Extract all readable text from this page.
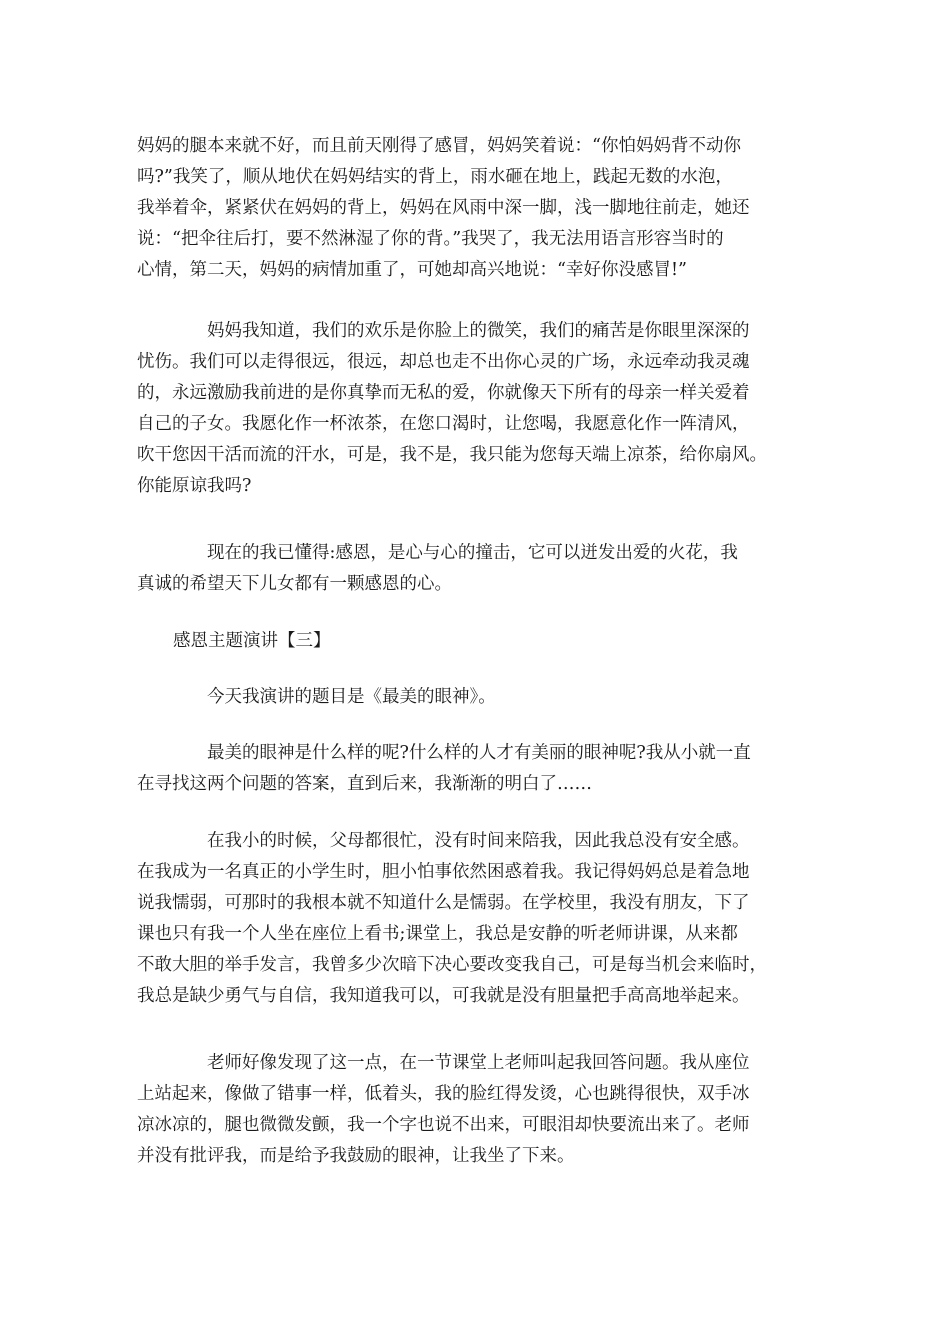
妈妈的腿本来就不好，而且前天刚得了感冒，妈妈笑着说：“你怕妈妈背不动你
吗?”我笑了，顺从地伏在妈妈结实的背上，雨水砸在地上，践起无数的水泡，
我举着伞，紧紧伏在妈妈的背上，妈妈在风雨中深一脚，浅一脚地往前走，她还
说：“把伞往后打，要不然淋湿了你的背。”我哭了，我无法用语言形容当时的
心情，第二天，妈妈的病情加重了，可她却高兴地说：“幸好你没感冒!”
妈妈我知道，我们的欢乐是你脸上的微笑，我们的痛苦是你眼里深深的
忧伤。我们可以走得很远，很远，却总也走不出你心灵的广场，永远牵动我灵魂
的，永远激励我前进的是你真挚而无私的爱，你就像天下所有的母亲一样关爱着
自己的子女。我愿化作一杯浓茶，在您口渴时，让您喝，我愿意化作一阵清风，
吹干您因干活而流的汗水，可是，我不是，我只能为您每天端上凉茶，给你扇风。
你能原谅我吗?
现在的我已懂得:感恩，是心与心的撞击，它可以迸发出爱的火花，我
真诚的希望天下儿女都有一颗感恩的心。
感恩主题演讲【三】
今天我演讲的题目是《最美的眼神》。
最美的眼神是什么样的呢?什么样的人才有美丽的眼神呢?我从小就一直
在寻找这两个问题的答案，直到后来，我渐渐的明白了……
在我小的时候，父母都很忙，没有时间来陪我，因此我总没有安全感。
在我成为一名真正的小学生时，胆小怕事依然困惑着我。我记得妈妈总是着急地
说我懦弱，可那时的我根本就不知道什么是懦弱。在学校里，我没有朋友，下了
课也只有我一个人坐在座位上看书;课堂上，我总是安静的听老师讲课，从来都
不敢大胆的举手发言，我曾多少次暗下决心要改变我自己，可是每当机会来临时，
我总是缺少勇气与自信，我知道我可以，可我就是没有胆量把手高高地举起来。
老师好像发现了这一点，在一节课堂上老师叫起我回答问题。我从座位
上站起来，像做了错事一样，低着头，我的脸红得发烫，心也跳得很快，双手冰
凉冰凉的，腿也微微发颤，我一个字也说不出来，可眼泪却快要流出来了。老师
并没有批评我，而是给予我鼓励的眼神，让我坐了下来。
